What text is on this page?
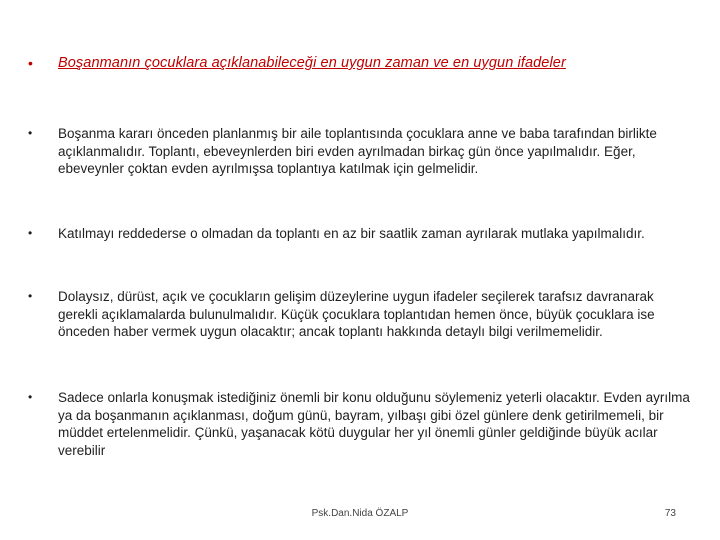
•	Boşanmanın çocuklara açıklanabileceği en uygun zaman ve en uygun ifadeler
•	Boşanma kararı önceden planlanmış bir aile toplantısında çocuklara anne ve baba tarafından birlikte açıklanmalıdır. Toplantı, ebeveynlerden biri evden ayrılmadan birkaç gün önce yapılmalıdır. Eğer, ebeveynler çoktan evden ayrılmışsa toplantıya katılmak için gelmelidir.
•	Katılmayı reddederse o olmadan da toplantı en az bir saatlik zaman ayrılarak mutlaka yapılmalıdır.
•	Dolaysız, dürüst, açık ve çocukların gelişim düzeylerine uygun ifadeler seçilerek tarafsız davranarak gerekli açıklamalarda bulunulmalıdır. Küçük çocuklara toplantıdan hemen önce, büyük çocuklara ise önceden haber vermek uygun olacaktır; ancak toplantı hakkında detaylı bilgi verilmemelidir.
•	Sadece onlarla konuşmak istediğiniz önemli bir konu olduğunu söylemeniz yeterli olacaktır. Evden ayrılma ya da boşanmanın açıklanması, doğum günü, bayram, yılbaşı gibi özel günlere denk getirilmemeli, bir müddet ertelenmelidir. Çünkü, yaşanacak kötü duygular her yıl önemli günler geldiğinde büyük acılar verebilir
Psk.Dan.Nida ÖZALP	73
